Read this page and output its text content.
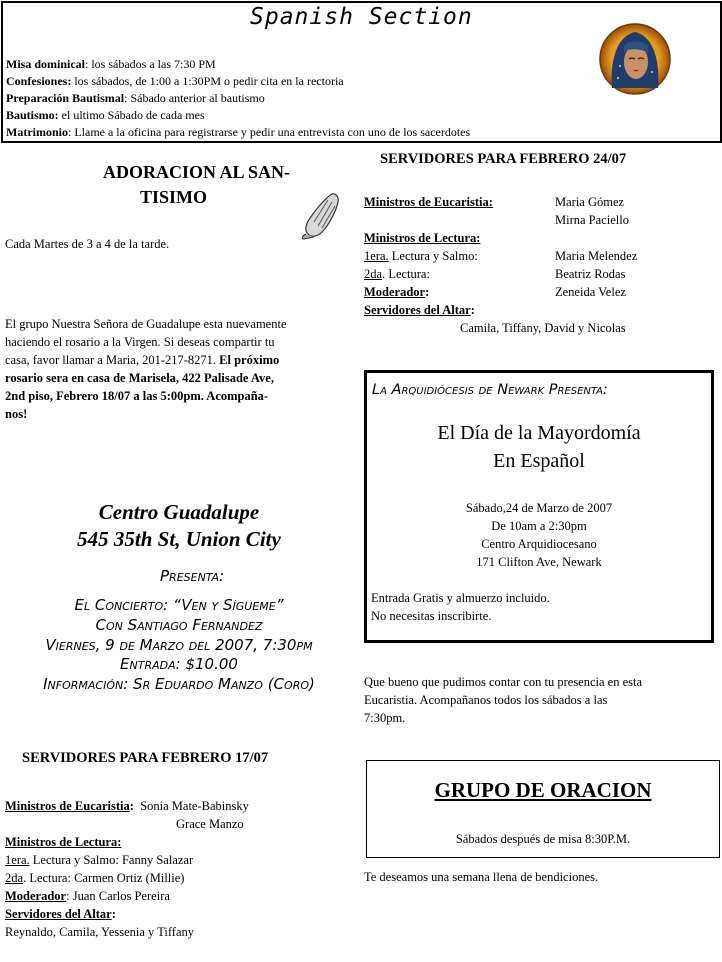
Spanish Section
Misa dominical: los sábados a las 7:30 PM
Confesiones: los sábados, de 1:00 a 1:30PM o pedir cita en la rectoria
Preparación Bautismal: Sábado anterior al bautismo
Bautismo: el ultimo Sábado de cada mes
Matrimonio: Llame a la oficina para registrarse y pedir una entrevista con uno de los sacerdotes
ADORACION AL SAN-
TISIMO
Cada Martes de 3 a 4 de la tarde.
El grupo Nuestra Señora de Guadalupe esta nuevamente
haciendo el rosario a la Virgen. Si deseas compartir tu
casa, favor llamar a Maria, 201-217-8271. El próximo
rosario sera en casa de Marisela, 422 Palisade Ave,
2nd piso, Febrero 18/07 a las 5:00pm. Acompaña-
nos!
Centro Guadalupe
545 35th St, Union City
Presenta:
El Concierto: “Ven y Sígueme”
Con Santiago Fernandez
Viernes, 9 de Marzo del 2007, 7:30pm
Entrada: $10.00
Información: Sr Eduardo Manzo (Coro)
SERVIDORES PARA FEBRERO 17/07
Ministros de Eucaristia: Sonia Mate-Babinsky
Grace Manzo
Ministros de Lectura:
1era. Lectura y Salmo: Fanny Salazar
2da. Lectura: Carmen Ortiz (Millie)
Moderador: Juan Carlos Pereira
Servidores del Altar:
Reynaldo, Camila, Yessenia y Tiffany
SERVIDORES PARA FEBRERO 24/07
Ministros de Eucaristia:	Maria Gómez
Mirna Paciello
Ministros de Lectura:
1era. Lectura y Salmo:	Maria Melendez
2da. Lectura:	Beatriz Rodas
Moderador:	Zeneida Velez
Servidores del Altar:
Camila, Tiffany, David y Nicolas
La Arquidiócesis de Newark Presenta:
El Día de la Mayordomía
En Español
Sábado,24 de Marzo de 2007
De 10am a 2:30pm
Centro Arquidiocesano
171 Clifton Ave, Newark
Entrada Gratis y almuerzo incluido.
No necesitas inscribirte.
Que bueno que pudimos contar con tu presencia en esta
Eucaristia. Acompañanos todos los sábados a las
7:30pm.
GRUPO DE ORACION
Sábados después de misa 8:30P.M.
Te deseamos una semana llena de bendiciones.
